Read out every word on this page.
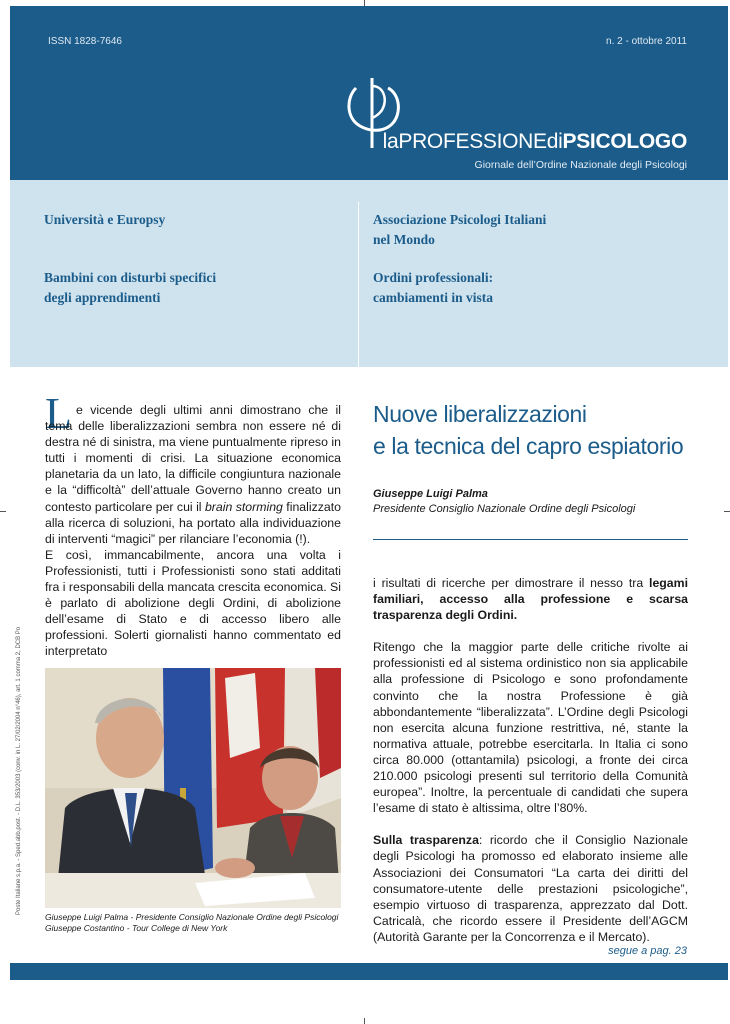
ISSN 1828-7646	n. 2 - ottobre 2011
laPROFESSIONEdiPSICOLOGO
Giornale dell’Ordine Nazionale degli Psicologi
Università e Europsy
Bambini con disturbi specifici
degli apprendimenti
Associazione Psicologi Italiani
nel Mondo
Ordini professionali:
cambiamenti in vista
L e vicende degli ultimi anni dimostrano che il tema delle liberalizzazioni sembra non essere né di destra né di sinistra, ma viene puntualmente ripreso in tutti i momenti di crisi. La situazione economica planetaria da un lato, la difficile congiuntura nazionale e la “difficoltà” dell’attuale Governo hanno creato un contesto particolare per cui il brain storming finalizzato alla ricerca di soluzioni, ha portato alla individuazione di interventi “magici” per rilanciare l’economia (!).

E così, immancabilmente, ancora una volta i Professionisti, tutti i Professionisti sono stati additati fra i responsabili della mancata crescita economica. Si è parlato di abolizione degli Ordini, di abolizione dell’esame di Stato e di accesso libero alle professioni. Solerti giornalisti hanno commentato ed interpretato

Giuseppe Luigi Palma - Presidente Consiglio Nazionale Ordine degli Psicologi
Giuseppe Costantino - Tour College di New York
Nuove liberalizzazioni
e la tecnica del capro espiatorio
Giuseppe Luigi Palma
Presidente Consiglio Nazionale Ordine degli Psicologi

i risultati di ricerche per dimostrare il nesso tra legami familiari, accesso alla professione e scarsa trasparenza degli Ordini.

Ritengo che la maggior parte delle critiche rivolte ai professionisti ed al sistema ordinistico non sia applicabile alla professione di Psicologo e sono profondamente convinto che la nostra Professione è già abbondantemente “liberalizzata”. L’Ordine degli Psicologi non esercita alcuna funzione restrittiva, né, stante la normativa attuale, potrebbe esercitarla. In Italia ci sono circa 80.000 (ottantamila) psicologi, a fronte dei circa 210.000 psicologi presenti sul territorio della Comunità europea”. Inoltre, la percentuale di candidati che supera l’esame di stato è altissima, oltre l’80%.

Sulla trasparenza: ricordo che il Consiglio Nazionale degli Psicologi ha promosso ed elaborato insieme alle Associazioni dei Consumatori “La carta dei diritti del consumatore-utente delle prestazioni psicologiche”, esempio virtuoso di trasparenza, apprezzato dal Dott. Catricalà, che ricordo essere il Presidente dell’AGCM (Autorità Garante per la Concorrenza e il Mercato).

segue a pag. 23
Poste Italiane s.p.a. - Sped.abb.post. - D.L. 353/2003 (conv. in L. 27/02/2004 n°46), art. 1 comma 2, DCB Po
